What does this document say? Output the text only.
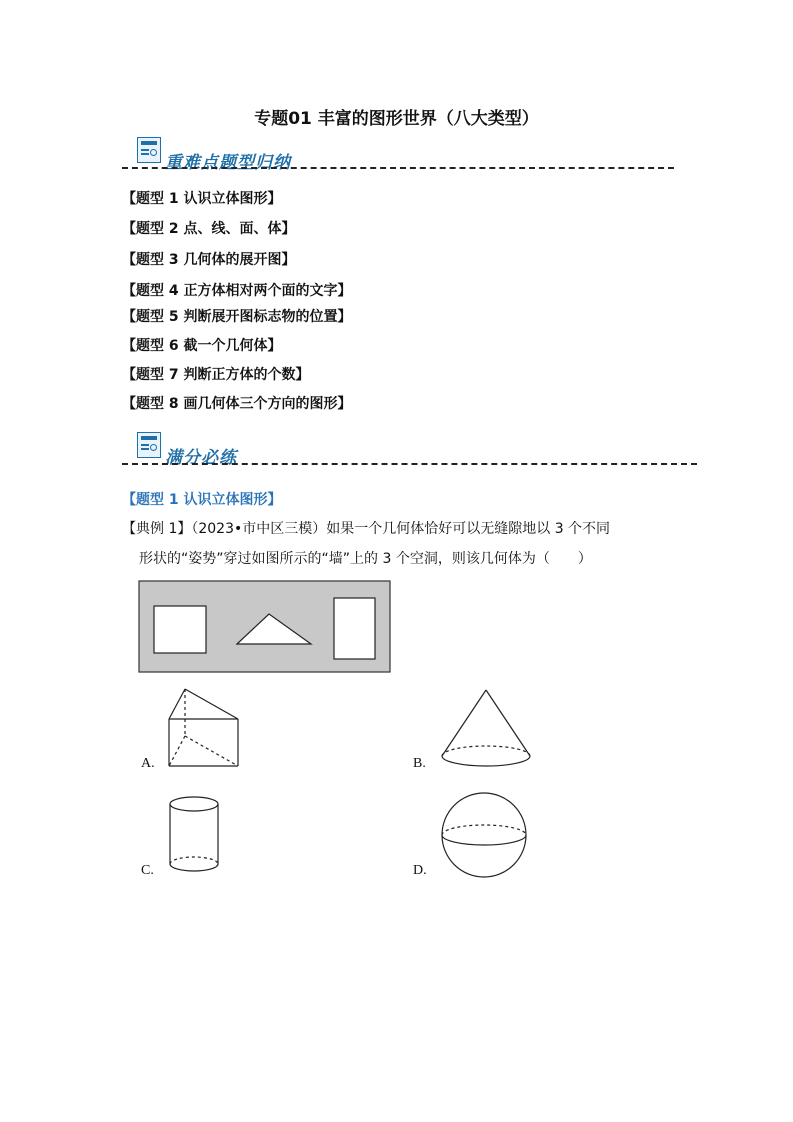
专题01 丰富的图形世界（八大类型）
重难点题型归纳
【题型 1 认识立体图形】
【题型 2 点、线、面、体】
【题型 3 几何体的展开图】
【题型 4 正方体相对两个面的文字】
【题型 5 判断展开图标志物的位置】
【题型 6 截一个几何体】
【题型 7 判断正方体的个数】
【题型 8 画几何体三个方向的图形】
满分必练
【题型 1 认识立体图形】
【典例 1】（2023•市中区三模）如果一个几何体恰好可以无缝隙地以 3 个不同
形状的“姿势”穿过如图所示的“墙”上的 3 个空洞，则该几何体为（　　）
A.	B.
C.	D.
